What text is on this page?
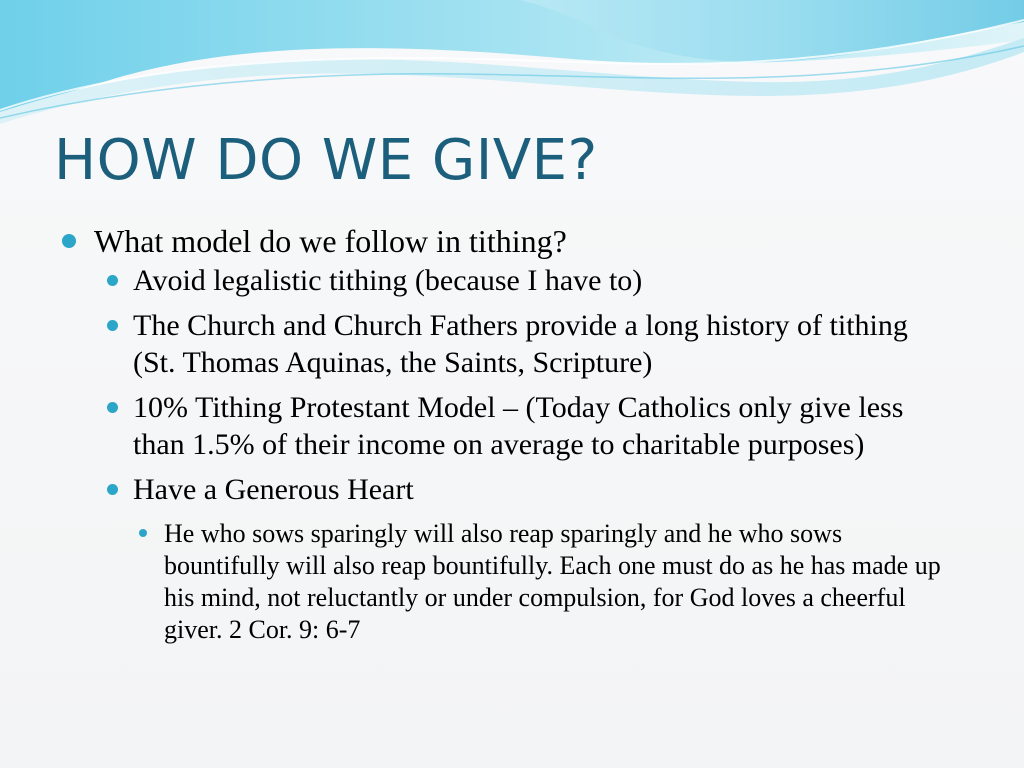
HOW DO WE GIVE?
What model do we follow in tithing?
Avoid legalistic tithing (because I have to)
The Church and Church Fathers provide a long history of tithing (St. Thomas Aquinas, the Saints, Scripture)
10% Tithing Protestant Model – (Today Catholics only give less than 1.5% of their income on average to charitable purposes)
Have a Generous Heart
He who sows sparingly will also reap sparingly and he who sows bountifully will also reap bountifully. Each one must do as he has made up his mind, not reluctantly or under compulsion, for God loves a cheerful giver. 2 Cor. 9: 6-7
